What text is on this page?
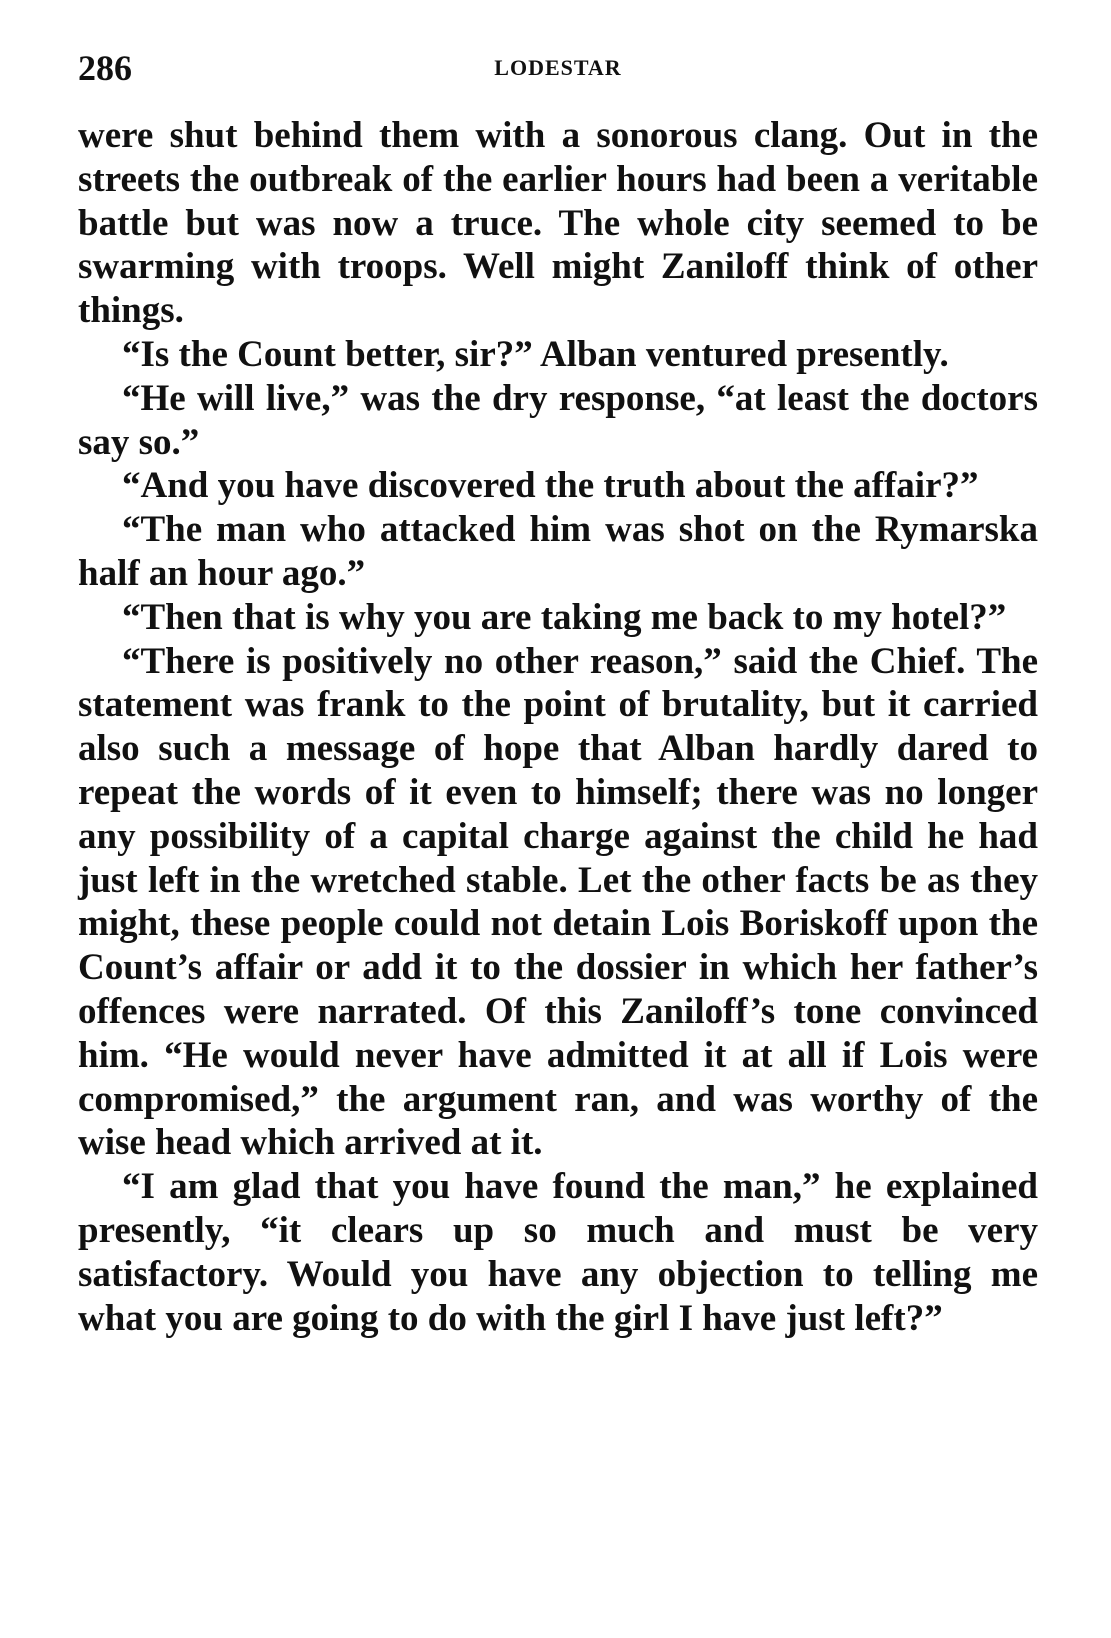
286	LODESTAR

were shut behind them with a sonorous clang. Out in the streets the outbreak of the earlier hours had been a veritable battle but was now a truce. The whole city seemed to be swarming with troops. Well might Zaniloff think of other things.

“Is the Count better, sir?” Alban ventured presently.

“He will live,” was the dry response, “at least the doctors say so.”

“And you have discovered the truth about the affair?”

“The man who attacked him was shot on the Rymarska half an hour ago.”

“Then that is why you are taking me back to my hotel?”

“There is positively no other reason,” said the Chief. The statement was frank to the point of brutality, but it carried also such a message of hope that Alban hardly dared to repeat the words of it even to himself; there was no longer any possibility of a capital charge against the child he had just left in the wretched stable. Let the other facts be as they might, these people could not detain Lois Boriskoff upon the Count’s affair or add it to the dossier in which her father’s offences were narrated. Of this Zaniloff’s tone convinced him. “He would never have admitted it at all if Lois were compromised,” the argument ran, and was worthy of the wise head which arrived at it.

“I am glad that you have found the man,” he explained presently, “it clears up so much and must be very satisfactory. Would you have any objection to telling me what you are going to do with the girl I have just left?”
